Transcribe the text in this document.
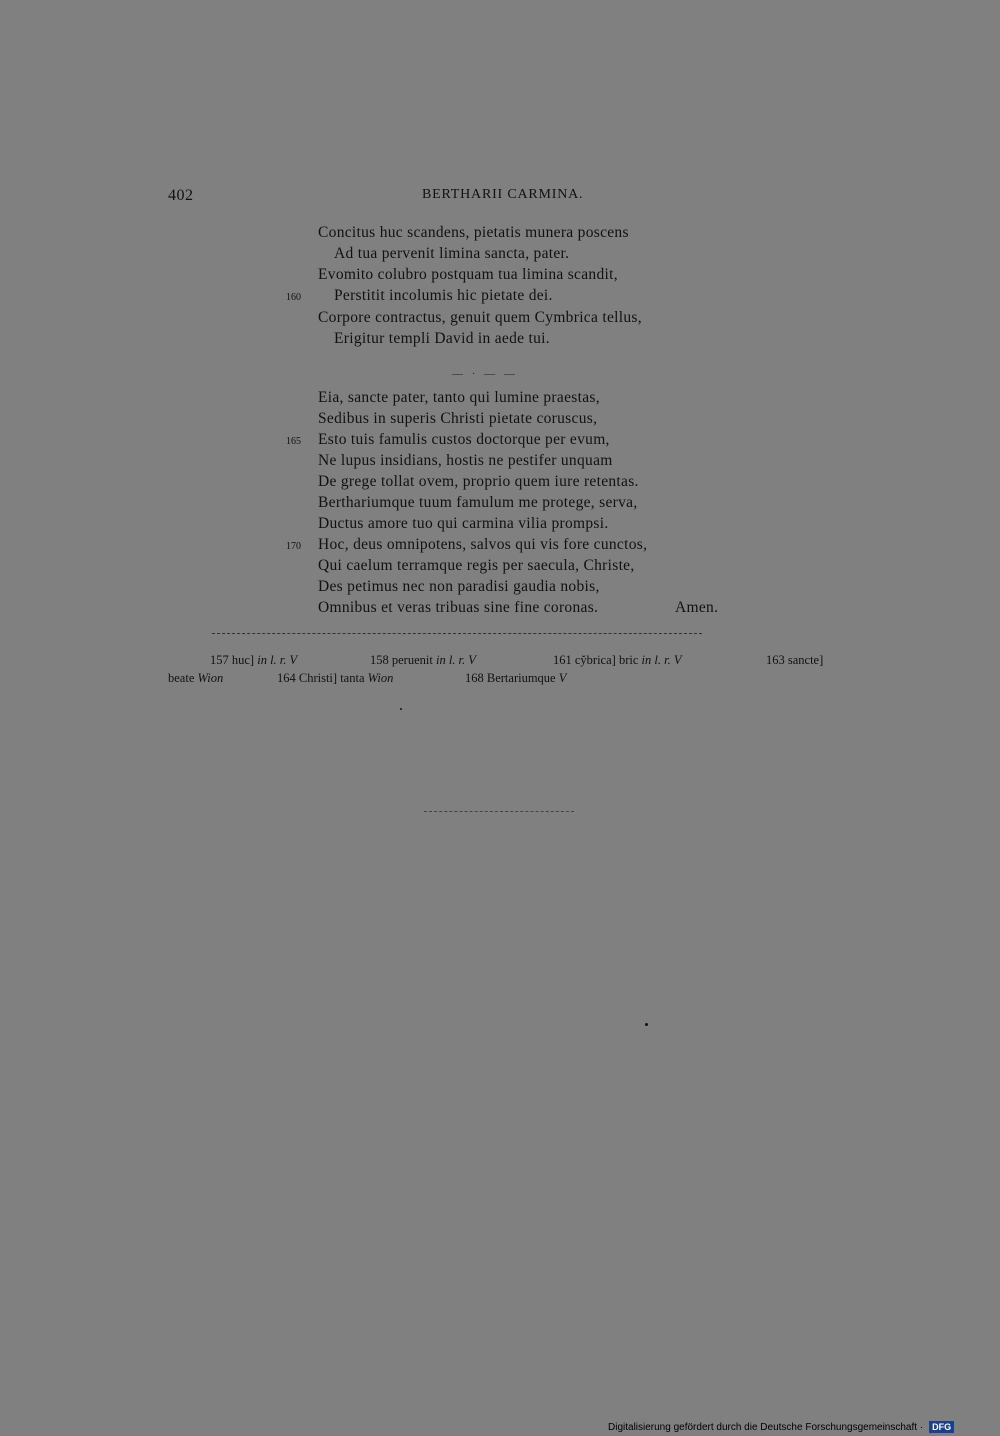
402	BERTHARII CARMINA.
Concitus huc scandens, pietatis munera poscens
Ad tua pervenit limina sancta, pater.
Evomito colubro postquam tua limina scandit,
160 Perstitit incolumis hic pietate dei.
Corpore contractus, genuit quem Cymbrica tellus,
Erigitur templi David in aede tui.
— · — —
Eia, sancte pater, tanto qui lumine praestas,
Sedibus in superis Christi pietate coruscus,
165 Esto tuis famulis custos doctorque per evum,
Ne lupus insidians, hostis ne pestifer unquam
De grege tollat ovem, proprio quem iure retentas.
Berthariumque tuum famulum me protege, serva,
Ductus amore tuo qui carmina vilia prompsi.
170 Hoc, deus omnipotens, salvos qui vis fore cunctos,
Qui caelum terramque regis per saecula, Christe,
Des petimus nec non paradisi gaudia nobis,
Omnibus et veras tribuas sine fine coronas.	Amen.
157 huc] in l. r. V	158 peruenit in l. r. V	161 cy̆brica] bric in l. r. V	163 sancte]
beate Wion	164 Christi] tanta Wion	168 Bertariumque V
Digitalisierung gefördert durch die Deutsche Forschungsgemeinschaft · DFG
